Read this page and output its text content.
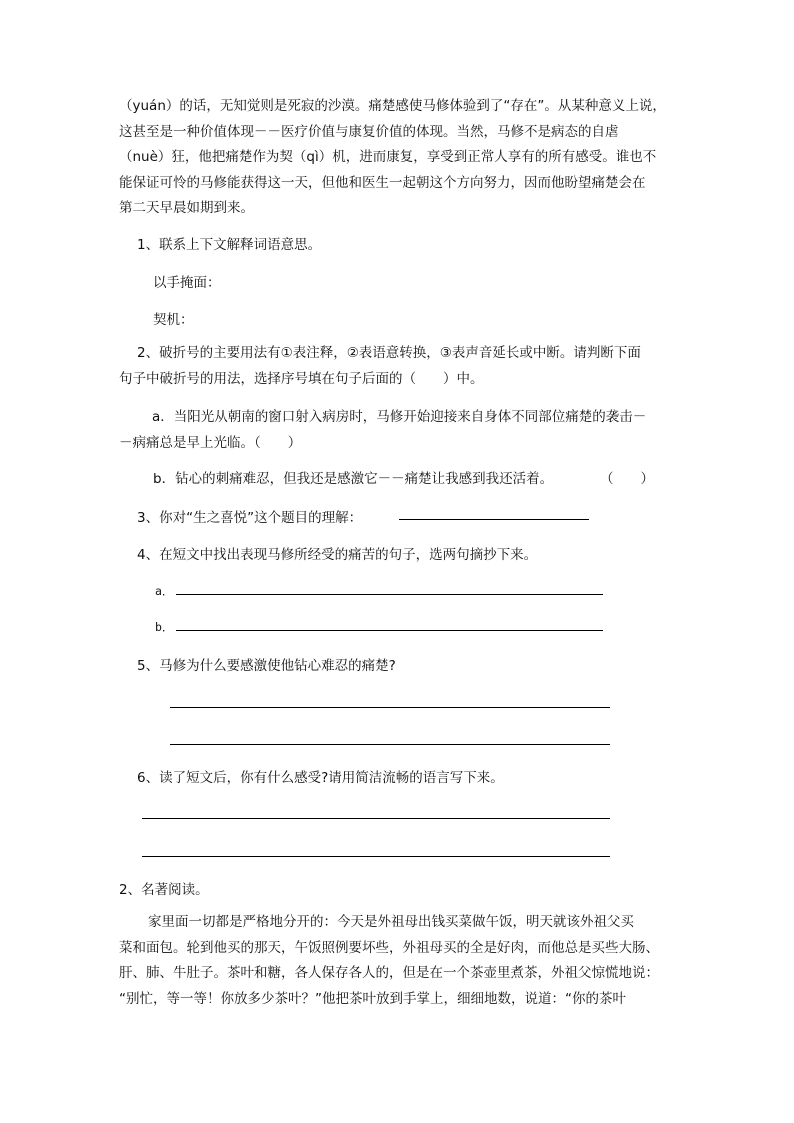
（yuán）的话，无知觉则是死寂的沙漠。痛楚感使马修体验到了“存在”。从某种意义上说，
这甚至是一种价值体现－－医疗价值与康复价值的体现。当然，马修不是病态的自虐
（nuè）狂，他把痛楚作为契（qì）机，进而康复，享受到正常人享有的所有感受。谁也不
能保证可怜的马修能获得这一天，但他和医生一起朝这个方向努力，因而他盼望痛楚会在
第二天早晨如期到来。
1、联系上下文解释词语意思。
以手掩面：
契机：
2、破折号的主要用法有①表注释，②表语意转换，③表声音延长或中断。请判断下面
句子中破折号的用法，选择序号填在句子后面的（　　）中。
a．当阳光从朝南的窗口射入病房时，马修开始迎接来自身体不同部位痛楚的袭击－
－病痛总是早上光临。（　　）
b．钻心的刺痛难忍，但我还是感激它－－痛楚让我感到我还活着。	（　　）
3、你对“生之喜悦”这个题目的理解：
4、在短文中找出表现马修所经受的痛苦的句子，选两句摘抄下来。
a．
b．
5、马修为什么要感激使他钻心难忍的痛楚?
6、读了短文后，你有什么感受?请用简洁流畅的语言写下来。
2、名著阅读。
家里面一切都是严格地分开的：今天是外祖母出钱买菜做午饭，明天就该外祖父买
菜和面包。轮到他买的那天，午饭照例要坏些，外祖母买的全是好肉，而他总是买些大肠、
肝、肺、牛肚子。茶叶和糖，各人保存各人的，但是在一个茶壶里煮茶，外祖父惊慌地说：
“别忙，等一等！你放多少茶叶？”他把茶叶放到手掌上，细细地数，说道：“你的茶叶
